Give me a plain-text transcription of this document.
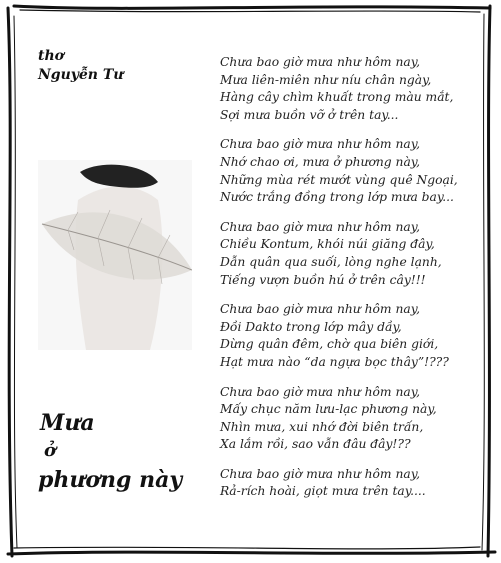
thơ
Nguyễn Tư
Mưa
ở
phương này
Chưa bao giờ mưa như hôm nay,
Mưa liên-miên như níu chân ngày,
Hàng cây chìm khuất trong màu mắt,
Sợi mưa buồn vỡ ở trên tay...
Chưa bao giờ mưa như hôm nay,
Nhớ chao ơi, mưa ở phương này,
Những mùa rét mướt vùng quê Ngoại,
Nước trắng đồng trong lớp mưa bay...
Chưa bao giờ mưa như hôm nay,
Chiều Kontum, khói núi giăng đây,
Dẫn quân qua suối, lòng nghe lạnh,
Tiếng vượn buồn hú ở trên cây!!!
Chưa bao giờ mưa như hôm nay,
Đồi Dakto trong lớp mây dầy,
Dừng quân đêm, chờ qua biên giới,
Hạt mưa nào “da ngựa bọc thây”!???
Chưa bao giờ mưa như hôm nay,
Mấy chục năm lưu-lạc phương này,
Nhìn mưa, xui nhớ đời biên trấn,
Xa lắm rồi, sao vẫn đâu đây!??
Chưa bao giờ mưa như hôm nay,
Rả-rích hoài, giọt mưa trên tay....
